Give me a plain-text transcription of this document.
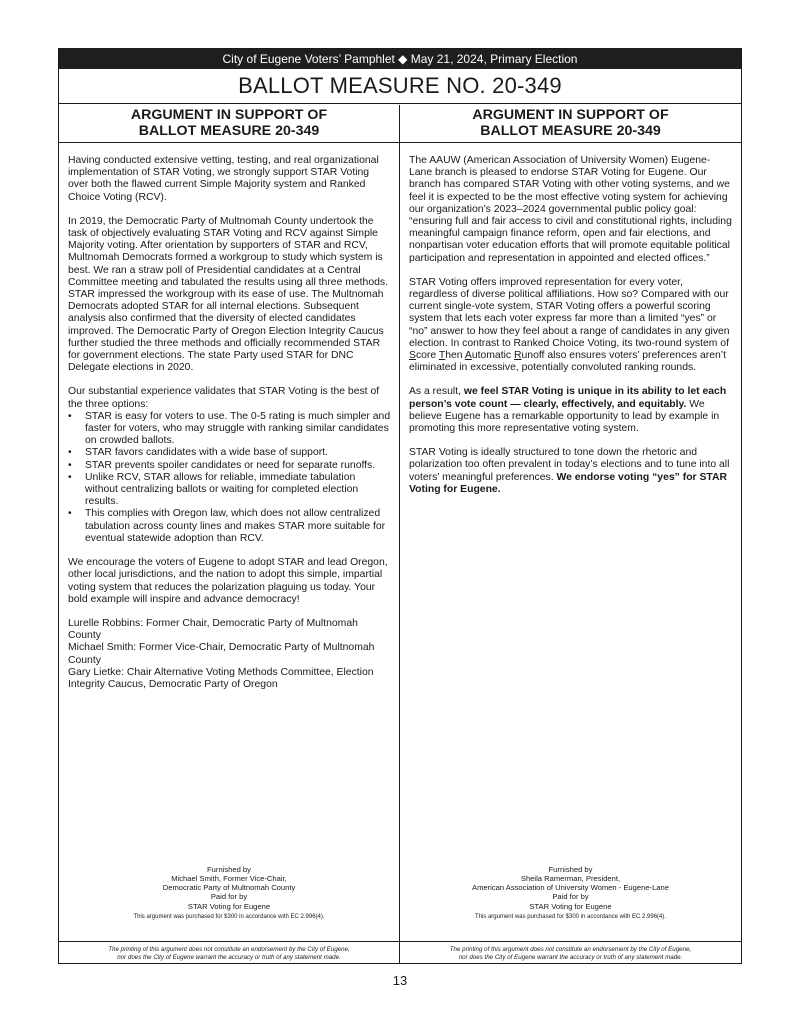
City of Eugene Voters’ Pamphlet ◆ May 21, 2024, Primary Election
BALLOT MEASURE NO. 20-349
ARGUMENT IN SUPPORT OF
BALLOT MEASURE 20-349

Having conducted extensive vetting, testing, and real organizational implementation of STAR Voting, we strongly support STAR Voting over both the flawed current Simple Majority system and Ranked Choice Voting (RCV).

In 2019, the Democratic Party of Multnomah County undertook the task of objectively evaluating STAR Voting and RCV against Simple Majority voting. After orientation by supporters of STAR and RCV, Multnomah Democrats formed a workgroup to study which system is best. We ran a straw poll of Presidential candidates at a Central Committee meeting and tabulated the results using all three methods. STAR impressed the workgroup with its ease of use. The Multnomah Democrats adopted STAR for all internal elections. Subsequent analysis also confirmed that the diversity of elected candidates improved. The Democratic Party of Oregon Election Integrity Caucus further studied the three methods and officially recommended STAR for government elections. The state Party used STAR for DNC Delegate elections in 2020.

Our substantial experience validates that STAR Voting is the best of the three options:
• STAR is easy for voters to use. The 0-5 rating is much simpler and faster for voters, who may struggle with ranking similar candidates on crowded ballots.
• STAR favors candidates with a wide base of support.
• STAR prevents spoiler candidates or need for separate runoffs.
• Unlike RCV, STAR allows for reliable, immediate tabulation without centralizing ballots or waiting for completed election results.
• This complies with Oregon law, which does not allow centralized tabulation across county lines and makes STAR more suitable for eventual statewide adoption than RCV.

We encourage the voters of Eugene to adopt STAR and lead Oregon, other local jurisdictions, and the nation to adopt this simple, impartial voting system that reduces the polarization plaguing us today. Your bold example will inspire and advance democracy!

Lurelle Robbins: Former Chair, Democratic Party of Multnomah County
Michael Smith: Former Vice-Chair, Democratic Party of Multnomah County
Gary Lietke: Chair Alternative Voting Methods Committee, Election Integrity Caucus, Democratic Party of Oregon
Furnished by
Michael Smith, Former Vice-Chair,
Democratic Party of Multnomah County
Paid for by
STAR Voting for Eugene
This argument was purchased for $300 in accordance with EC 2.996(4).
The printing of this argument does not constitute an endorsement by the City of Eugene,
nor does the City of Eugene warrant the accuracy or truth of any statement made.
ARGUMENT IN SUPPORT OF
BALLOT MEASURE 20-349

The AAUW (American Association of University Women) Eugene-Lane branch is pleased to endorse STAR Voting for Eugene. Our branch has compared STAR Voting with other voting systems, and we feel it is expected to be the most effective voting system for achieving our organization’s 2023–2024 governmental public policy goal: “ensuring full and fair access to civil and constitutional rights, including meaningful campaign finance reform, open and fair elections, and nonpartisan voter education efforts that will promote equitable political participation and representation in appointed and elected offices.”

STAR Voting offers improved representation for every voter, regardless of diverse political affiliations. How so? Compared with our current single-vote system, STAR Voting offers a powerful scoring system that lets each voter express far more than a limited “yes” or “no” answer to how they feel about a range of candidates in any given election. In contrast to Ranked Choice Voting, its two-round system of Score Then Automatic Runoff also ensures voters’ preferences aren’t eliminated in excessive, potentially convoluted ranking rounds.

As a result, we feel STAR Voting is unique in its ability to let each person’s vote count — clearly, effectively, and equitably. We believe Eugene has a remarkable opportunity to lead by example in promoting this more representative voting system.

STAR Voting is ideally structured to tone down the rhetoric and polarization too often prevalent in today’s elections and to tune into all voters’ meaningful preferences. We endorse voting “yes” for STAR Voting for Eugene.

Furnished by
Sheila Ramerman, President,
American Association of University Women - Eugene-Lane
Paid for by
STAR Voting for Eugene
This argument was purchased for $300 in accordance with EC 2.996(4).
The printing of this argument does not constitute an endorsement by the City of Eugene,
nor does the City of Eugene warrant the accuracy or truth of any statement made.
13
